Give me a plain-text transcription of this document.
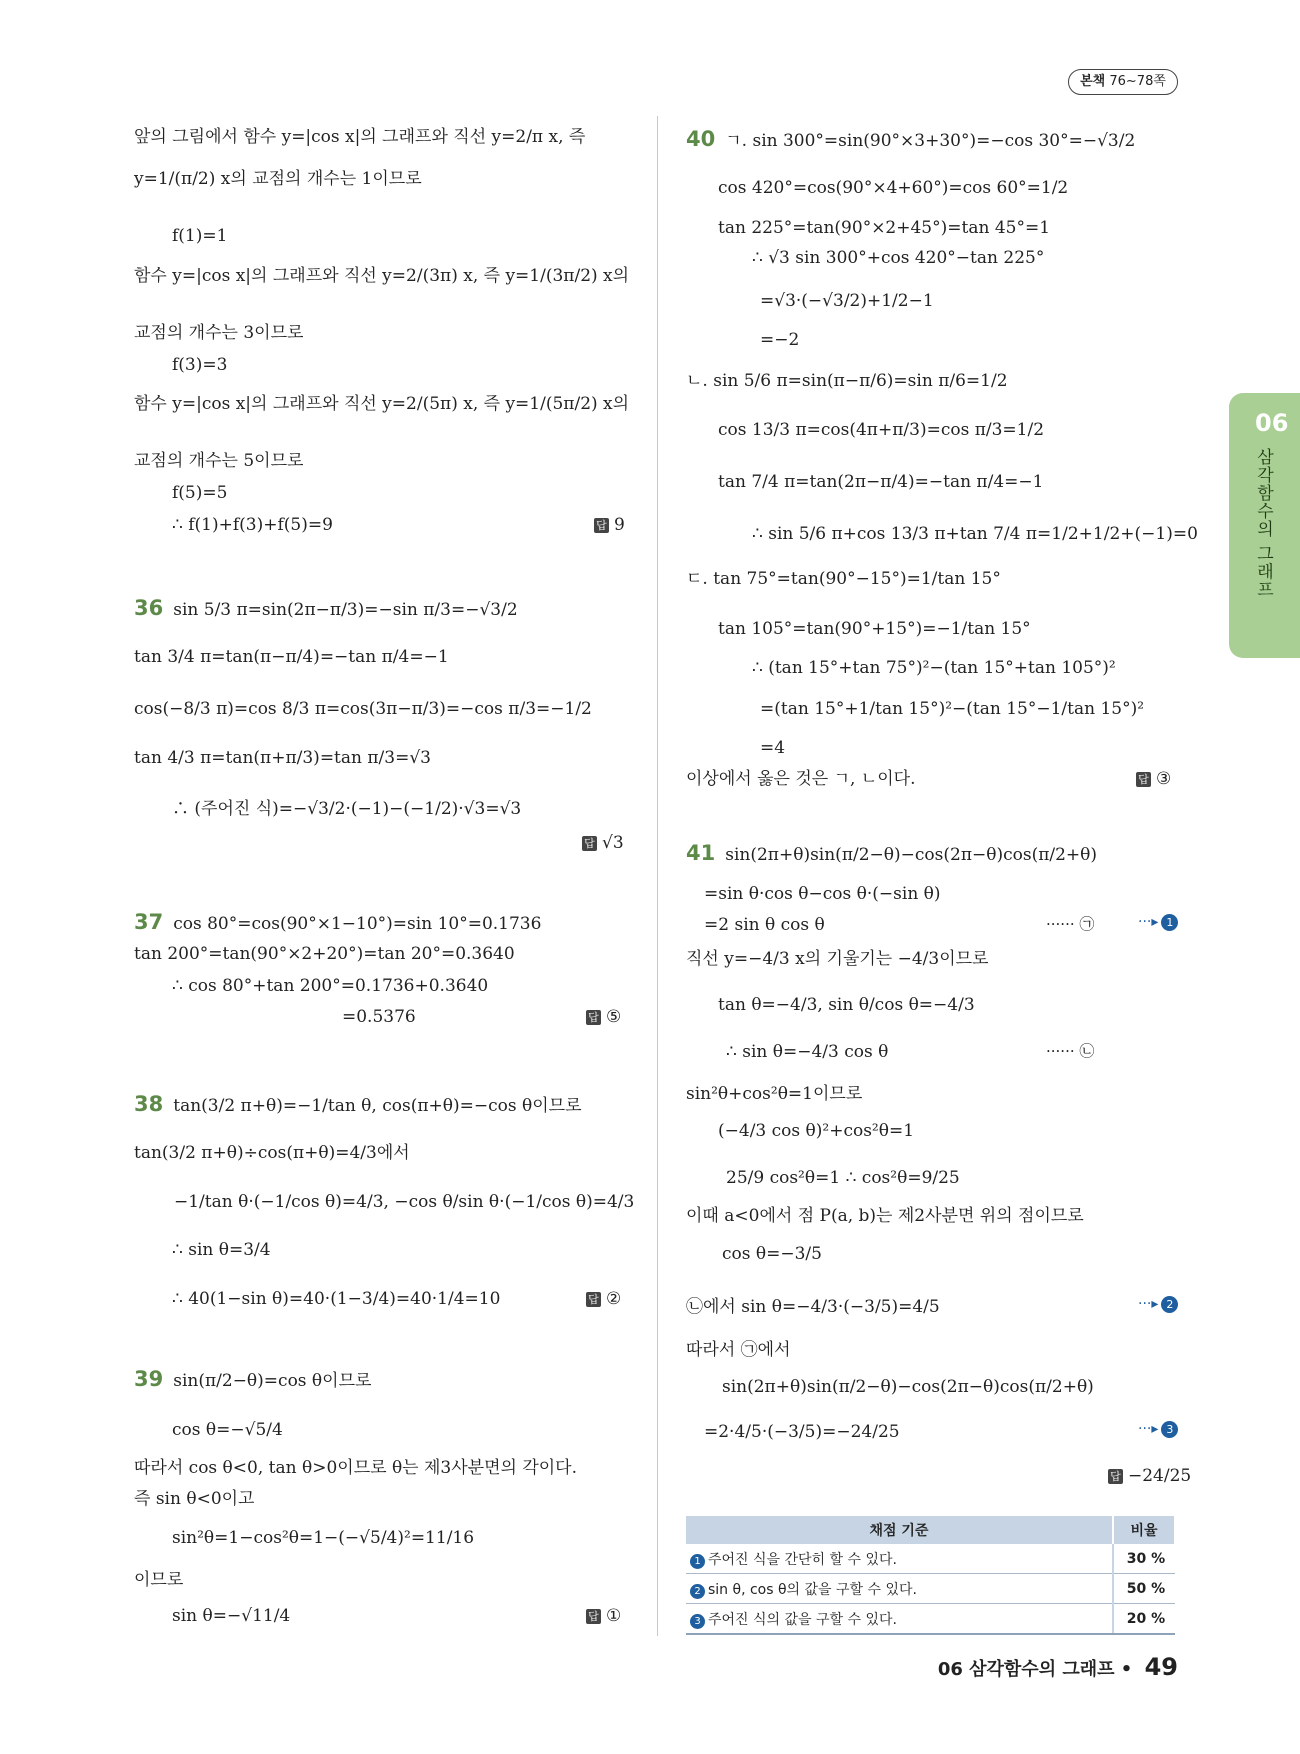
본책 76~78쪽
06
삼각함수의 그래프
앞의 그림에서 함수 y=|cos x|의 그래프와 직선 y=2/π x, 즉
y=1/(π/2) x의 교점의 개수는 1이므로
f(1)=1
함수 y=|cos x|의 그래프와 직선 y=2/(3π) x, 즉 y=1/(3π/2) x의
교점의 개수는 3이므로
f(3)=3
함수 y=|cos x|의 그래프와 직선 y=2/(5π) x, 즉 y=1/(5π/2) x의
교점의 개수는 5이므로
f(5)=5
∴ f(1)+f(3)+f(5)=9	답 9
36 sin 5/3 π=sin(2π−π/3)=−sin π/3=−√3/2
tan 3/4 π=tan(π−π/4)=−tan π/4=−1
cos(−8/3 π)=cos 8/3 π=cos(3π−π/3)=−cos π/3=−1/2
tan 4/3 π=tan(π+π/3)=tan π/3=√3
∴ (주어진 식)=−√3/2·(−1)−(−1/2)·√3=√3
답 √3
37 cos 80°=cos(90°×1−10°)=sin 10°=0.1736
tan 200°=tan(90°×2+20°)=tan 20°=0.3640
∴ cos 80°+tan 200°=0.1736+0.3640
=0.5376	답 ⑤
38 tan(3/2 π+θ)=−1/tan θ, cos(π+θ)=−cos θ이므로
tan(3/2 π+θ)÷cos(π+θ)=4/3에서
−1/tan θ·(−1/cos θ)=4/3, −cos θ/sin θ·(−1/cos θ)=4/3
∴ sin θ=3/4
∴ 40(1−sin θ)=40·(1−3/4)=40·1/4=10	답 ②
39 sin(π/2−θ)=cos θ이므로
cos θ=−√5/4
따라서 cos θ<0, tan θ>0이므로 θ는 제3사분면의 각이다.
즉 sin θ<0이고
sin²θ=1−cos²θ=1−(−√5/4)²=11/16
이므로
sin θ=−√11/4	답 ①
40 ㄱ. sin 300°=sin(90°×3+30°)=−cos 30°=−√3/2
cos 420°=cos(90°×4+60°)=cos 60°=1/2
tan 225°=tan(90°×2+45°)=tan 45°=1
∴ √3 sin 300°+cos 420°−tan 225°
=√3·(−√3/2)+1/2−1
=−2
ㄴ. sin 5/6 π=sin(π−π/6)=sin π/6=1/2
cos 13/3 π=cos(4π+π/3)=cos π/3=1/2
tan 7/4 π=tan(2π−π/4)=−tan π/4=−1
∴ sin 5/6 π+cos 13/3 π+tan 7/4 π=1/2+1/2+(−1)=0
ㄷ. tan 75°=tan(90°−15°)=1/tan 15°
tan 105°=tan(90°+15°)=−1/tan 15°
∴ (tan 15°+tan 75°)²−(tan 15°+tan 105°)²
=(tan 15°+1/tan 15°)²−(tan 15°−1/tan 15°)²
=4
이상에서 옳은 것은 ㄱ, ㄴ이다.	답 ③
41 sin(2π+θ)sin(π/2−θ)−cos(2π−θ)cos(π/2+θ)
=sin θ·cos θ−cos θ·(−sin θ)
=2 sin θ cos θ	······ ㉠	···▸ 1
직선 y=−4/3 x의 기울기는 −4/3이므로
tan θ=−4/3, sin θ/cos θ=−4/3
∴ sin θ=−4/3 cos θ	······ ㉡
sin²θ+cos²θ=1이므로
(−4/3 cos θ)²+cos²θ=1
25/9 cos²θ=1 ∴ cos²θ=9/25
이때 a<0에서 점 P(a, b)는 제2사분면 위의 점이므로
cos θ=−3/5
㉡에서 sin θ=−4/3·(−3/5)=4/5	···▸ 2
따라서 ㉠에서
sin(2π+θ)sin(π/2−θ)−cos(2π−θ)cos(π/2+θ)
=2·4/5·(−3/5)=−24/25	···▸ 3
답 −24/25
채점 기준	비율
1 주어진 식을 간단히 할 수 있다.	30 %
2 sin θ, cos θ의 값을 구할 수 있다.	50 %
3 주어진 식의 값을 구할 수 있다.	20 %
06 삼각함수의 그래프 • 49
